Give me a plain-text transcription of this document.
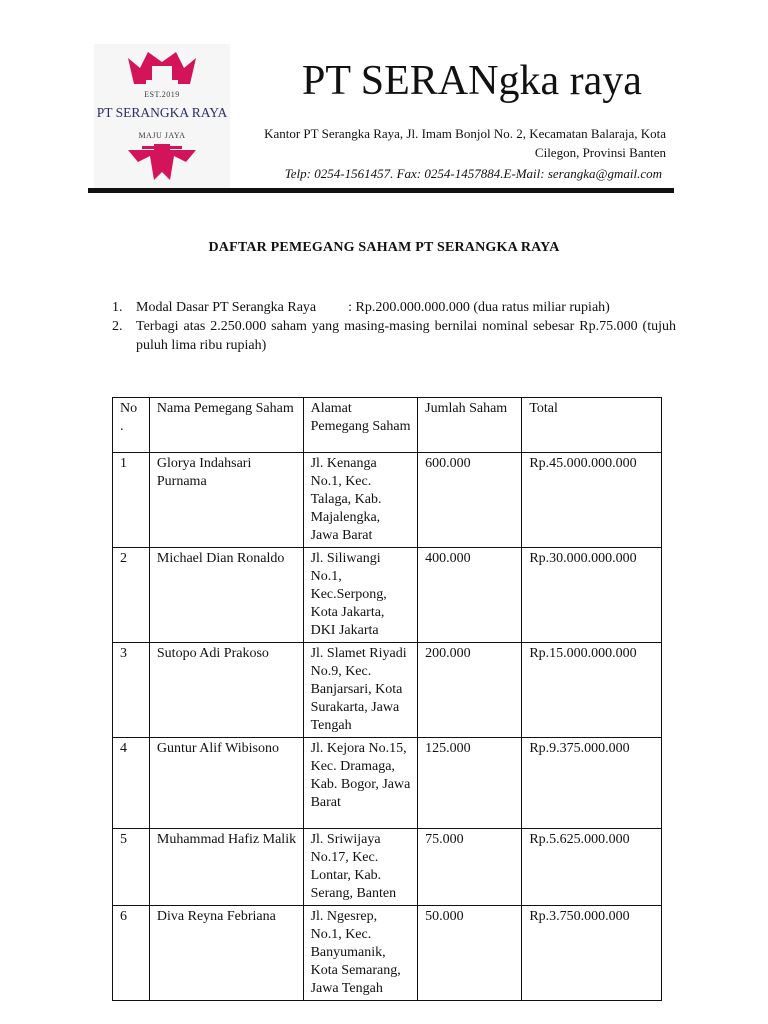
EST.2019
PT SERANGKA RAYA
MAJU JAYA
PT SERANgka raya
Kantor PT Serangka Raya, Jl. Imam Bonjol No. 2, Kecamatan Balaraja, Kota Cilegon, Provinsi Banten
Telp: 0254-1561457. Fax: 0254-1457884.E-Mail: serangka@gmail.com
DAFTAR PEMEGANG SAHAM PT SERANGKA RAYA
1. Modal Dasar PT Serangka Raya : Rp.200.000.000.000 (dua ratus miliar rupiah)
2. Terbagi atas 2.250.000 saham yang masing-masing bernilai nominal sebesar Rp.75.000 (tujuh puluh lima ribu rupiah)
No .	Nama Pemegang Saham	Alamat Pemegang Saham	Jumlah Saham	Total
1	Glorya Indahsari Purnama	Jl. Kenanga No.1, Kec. Talaga, Kab. Majalengka, Jawa Barat	600.000	Rp.45.000.000.000
2	Michael Dian Ronaldo	Jl. Siliwangi No.1, Kec.Serpong, Kota Jakarta, DKI Jakarta	400.000	Rp.30.000.000.000
3	Sutopo Adi Prakoso	Jl. Slamet Riyadi No.9, Kec. Banjarsari, Kota Surakarta, Jawa Tengah	200.000	Rp.15.000.000.000
4	Guntur Alif Wibisono	Jl. Kejora No.15, Kec. Dramaga, Kab. Bogor, Jawa Barat	125.000	Rp.9.375.000.000
5	Muhammad Hafiz Malik	Jl. Sriwijaya No.17, Kec. Lontar, Kab. Serang, Banten	75.000	Rp.5.625.000.000
6	Diva Reyna Febriana	Jl. Ngesrep, No.1, Kec. Banyumanik, Kota Semarang, Jawa Tengah	50.000	Rp.3.750.000.000
